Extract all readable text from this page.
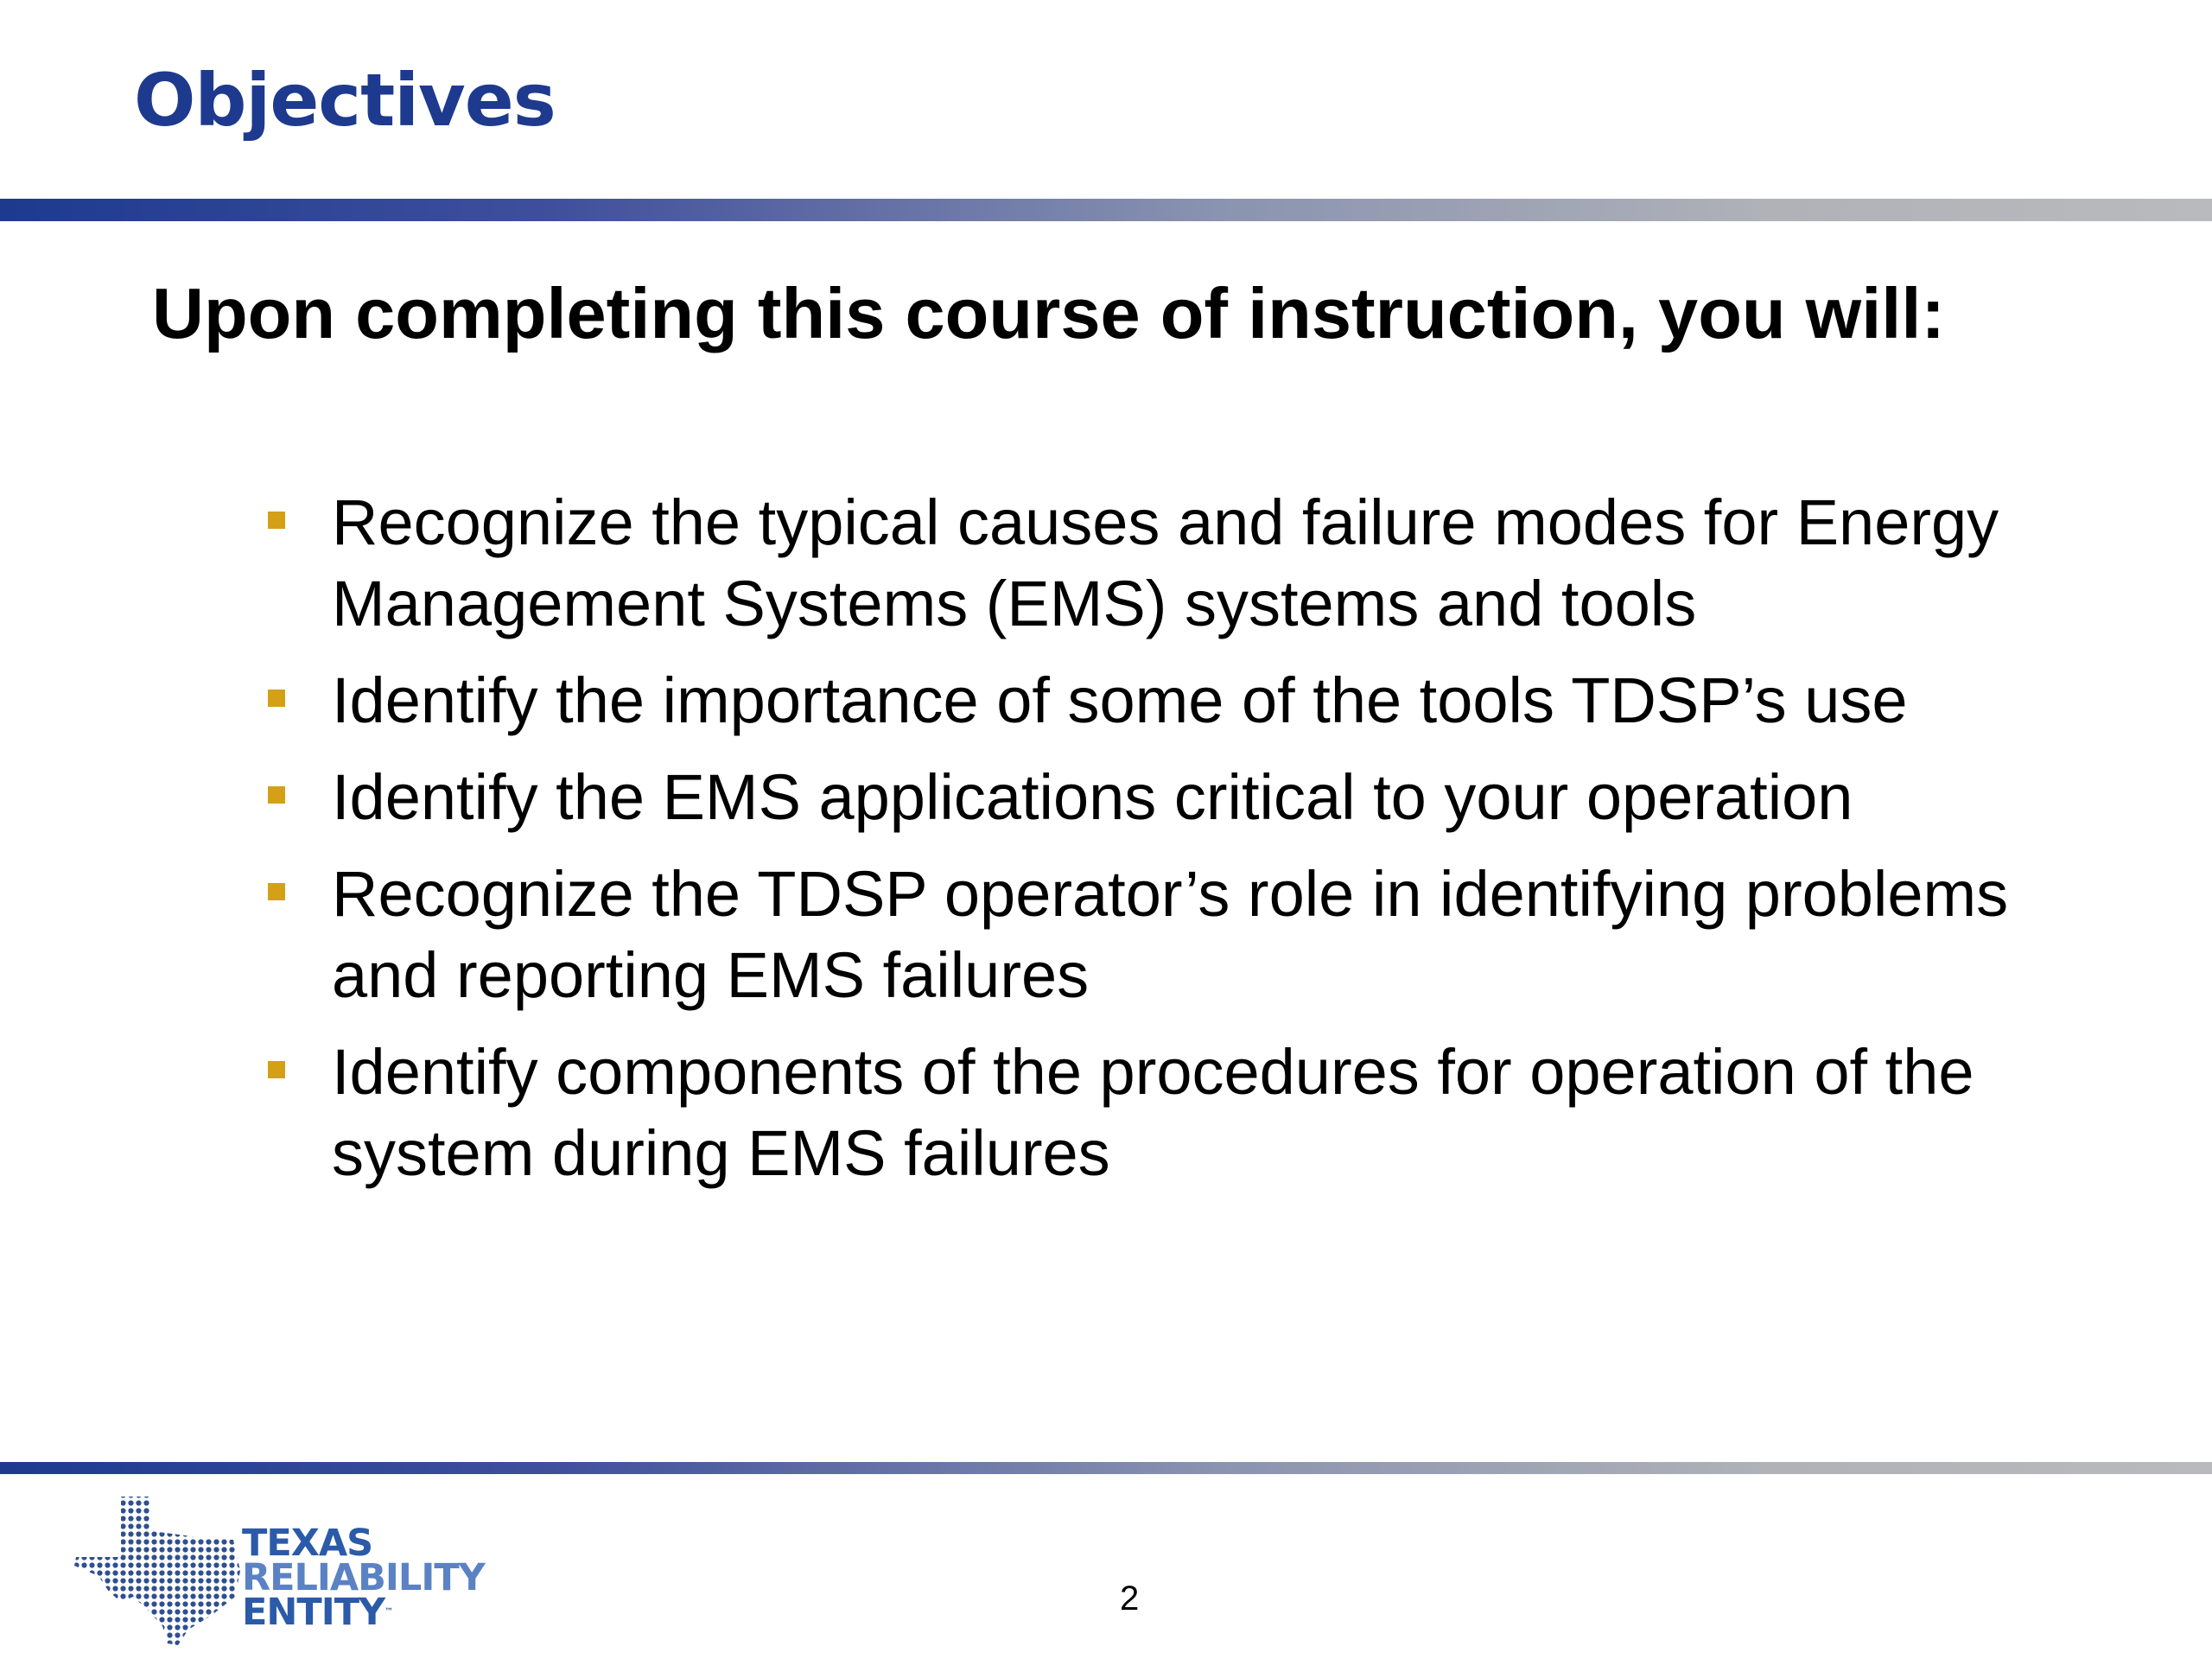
Objectives

Upon completing this course of instruction, you will:

Recognize the typical causes and failure modes for Energy Management Systems (EMS) systems and tools
Identify the importance of some of the tools TDSP’s use
Identify the EMS applications critical to your operation
Recognize the TDSP operator’s role in identifying problems and reporting EMS failures
Identify components of the procedures for operation of the system during EMS failures
TEXAS
RELIABILITY
ENTITY™	2
